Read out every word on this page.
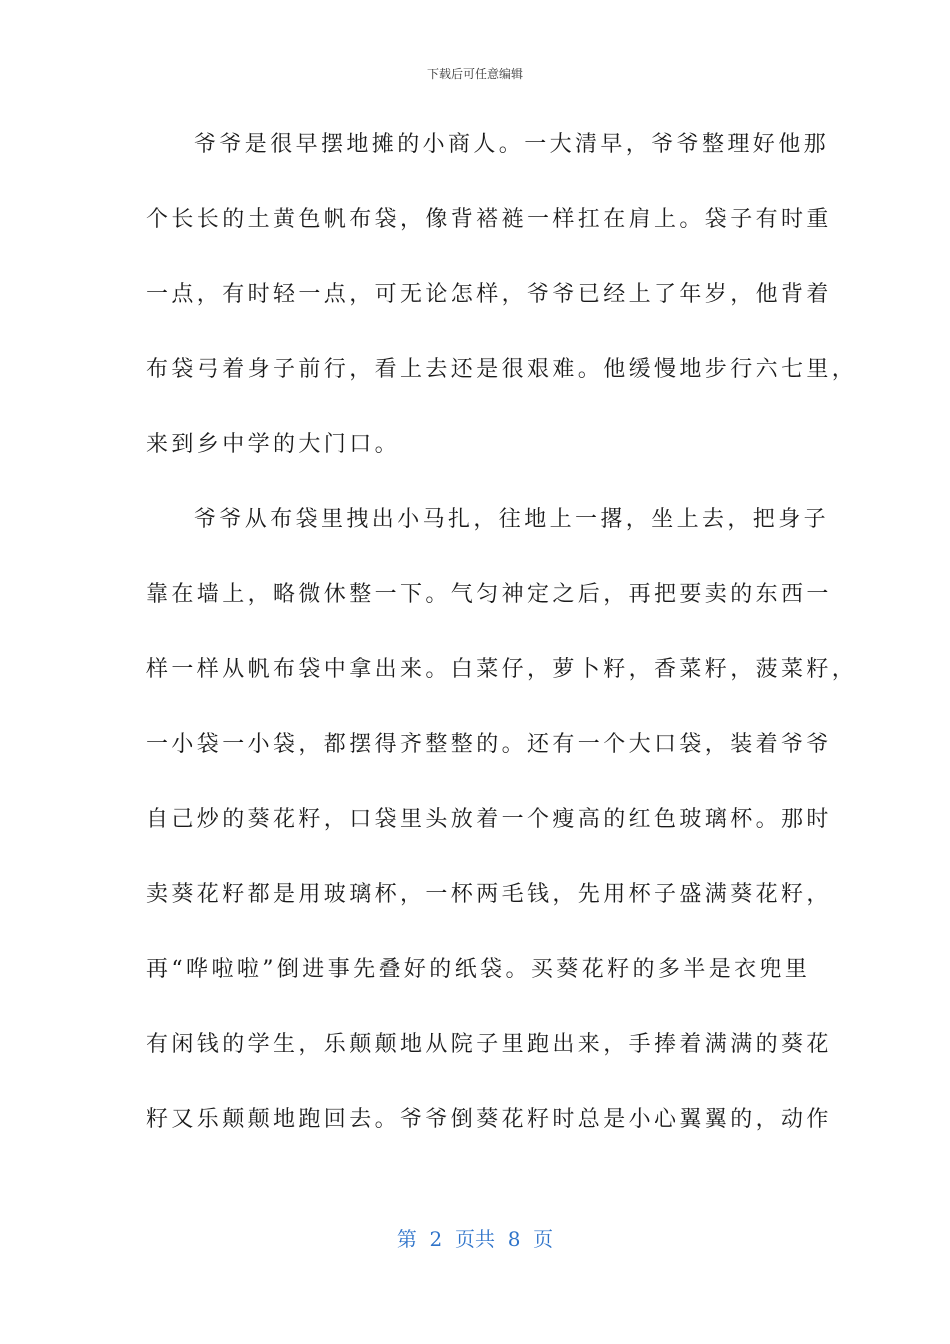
下载后可任意编辑
爷爷是很早摆地摊的小商人。一大清早，爷爷整理好他那
个长长的土黄色帆布袋，像背褡裢一样扛在肩上。袋子有时重
一点，有时轻一点，可无论怎样，爷爷已经上了年岁，他背着
布袋弓着身子前行，看上去还是很艰难。他缓慢地步行六七里，
来到乡中学的大门口。
爷爷从布袋里拽出小马扎，往地上一撂，坐上去，把身子
靠在墙上，略微休整一下。气匀神定之后，再把要卖的东西一
样一样从帆布袋中拿出来。白菜仔，萝卜籽，香菜籽，菠菜籽，
一小袋一小袋，都摆得齐整整的。还有一个大口袋，装着爷爷
自己炒的葵花籽，口袋里头放着一个瘦高的红色玻璃杯。那时
卖葵花籽都是用玻璃杯，一杯两毛钱，先用杯子盛满葵花籽，
再“哗啦啦”倒进事先叠好的纸袋。买葵花籽的多半是衣兜里
有闲钱的学生，乐颠颠地从院子里跑出来，手捧着满满的葵花
籽又乐颠颠地跑回去。爷爷倒葵花籽时总是小心翼翼的，动作
第  2  页共  8  页
